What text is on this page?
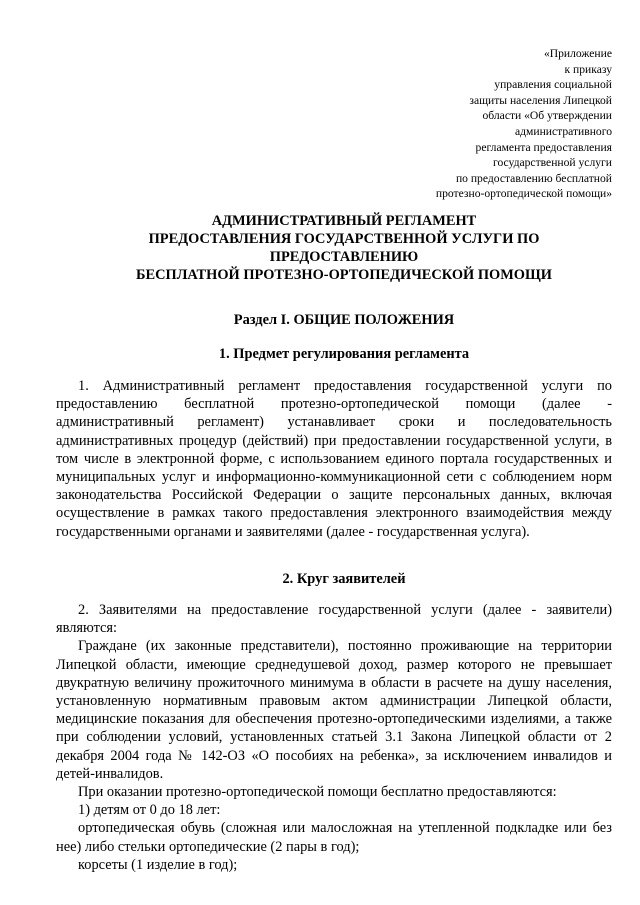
«Приложение
к приказу
управления социальной
защиты населения Липецкой
области «Об утверждении
административного
регламента предоставления
государственной услуги
по предоставлению бесплатной
протезно-ортопедической помощи»
АДМИНИСТРАТИВНЫЙ РЕГЛАМЕНТ
ПРЕДОСТАВЛЕНИЯ ГОСУДАРСТВЕННОЙ УСЛУГИ ПО
ПРЕДОСТАВЛЕНИЮ
БЕСПЛАТНОЙ ПРОТЕЗНО-ОРТОПЕДИЧЕСКОЙ ПОМОЩИ
Раздел I. ОБЩИЕ ПОЛОЖЕНИЯ
1. Предмет регулирования регламента

1. Административный регламент предоставления государственной услуги по предоставлению бесплатной протезно-ортопедической помощи (далее - административный регламент) устанавливает сроки и последовательность административных процедур (действий) при предоставлении государственной услуги, в том числе в электронной форме, с использованием единого портала государственных и муниципальных услуг и информационно-коммуникационной сети с соблюдением норм законодательства Российской Федерации о защите персональных данных, включая осуществление в рамках такого предоставления электронного взаимодействия между государственными органами и заявителями (далее - государственная услуга).

2. Круг заявителей

2. Заявителями на предоставление государственной услуги (далее - заявители) являются:

Граждане (их законные представители), постоянно проживающие на территории Липецкой области, имеющие среднедушевой доход, размер которого не превышает двукратную величину прожиточного минимума в области в расчете на душу населения, установленную нормативным правовым актом администрации Липецкой области, медицинские показания для обеспечения протезно-ортопедическими изделиями, а также при соблюдении условий, установленных статьей 3.1 Закона Липецкой области от 2 декабря 2004 года № 142-ОЗ «О пособиях на ребенка», за исключением инвалидов и детей-инвалидов.

При оказании протезно-ортопедической помощи бесплатно предоставляются:

1) детям от 0 до 18 лет:

ортопедическая обувь (сложная или малосложная на утепленной подкладке или без нее) либо стельки ортопедические (2 пары в год);

корсеты (1 изделие в год);
